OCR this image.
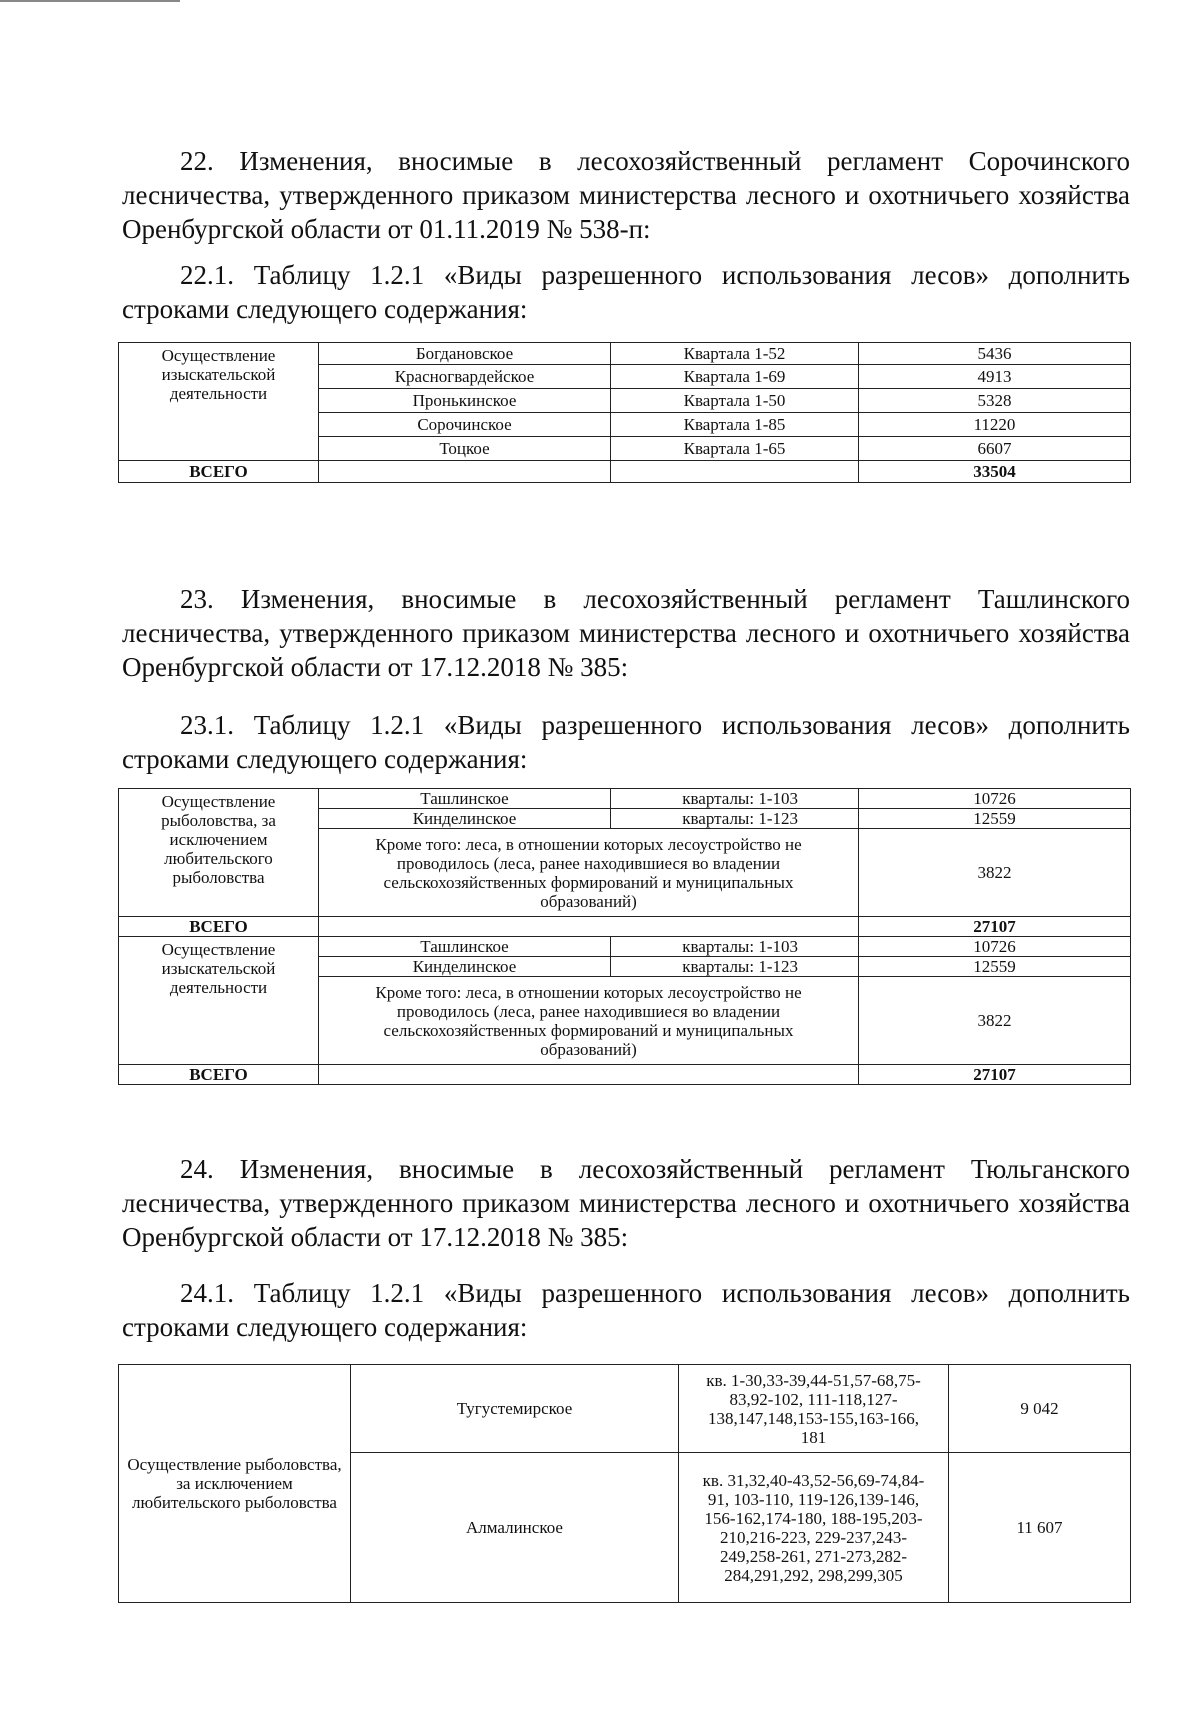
22. Изменения, вносимые в лесохозяйственный регламент Сорочинского лесничества, утвержденного приказом министерства лесного и охотничьего хозяйства Оренбургской области от 01.11.2019 № 538-п:

22.1. Таблицу 1.2.1 «Виды разрешенного использования лесов» дополнить строками следующего содержания:

Осуществление изыскательской деятельности	Богдановское	Квартала 1-52	5436
	Красногвардейское	Квартала 1-69	4913
	Пронькинское	Квартала 1-50	5328
	Сорочинское	Квартала 1-85	11220
	Тоцкое	Квартала 1-65	6607
ВСЕГО			33504

23. Изменения, вносимые в лесохозяйственный регламент Ташлинского лесничества, утвержденного приказом министерства лесного и охотничьего хозяйства Оренбургской области от 17.12.2018 № 385:

23.1. Таблицу 1.2.1 «Виды разрешенного использования лесов» дополнить строками следующего содержания:

Осуществление рыболовства, за исключением любительского рыболовства	Ташлинское	кварталы: 1-103	10726
	Кинделинское	кварталы: 1-123	12559
	Кроме того: леса, в отношении которых лесоустройство не проводилось (леса, ранее находившиеся во владении сельскохозяйственных формирований и муниципальных образований)		3822
ВСЕГО			27107
Осуществление изыскательской деятельности	Ташлинское	кварталы: 1-103	10726
	Кинделинское	кварталы: 1-123	12559
	Кроме того: леса, в отношении которых лесоустройство не проводилось (леса, ранее находившиеся во владении сельскохозяйственных формирований и муниципальных образований)		3822
ВСЕГО			27107

24. Изменения, вносимые в лесохозяйственный регламент Тюльганского лесничества, утвержденного приказом министерства лесного и охотничьего хозяйства Оренбургской области от 17.12.2018 № 385:

24.1. Таблицу 1.2.1 «Виды разрешенного использования лесов» дополнить строками следующего содержания:

Осуществление рыболовства, за исключением любительского рыболовства	Тугустемирское	кв. 1-30,33-39,44-51,57-68,75-83,92-102, 111-118,127-138,147,148,153-155,163-166, 181	9 042
	Алмалинское	кв. 31,32,40-43,52-56,69-74,84-91, 103-110, 119-126,139-146, 156-162,174-180, 188-195,203-210,216-223, 229-237,243-249,258-261, 271-273,282-284,291,292, 298,299,305	11 607
